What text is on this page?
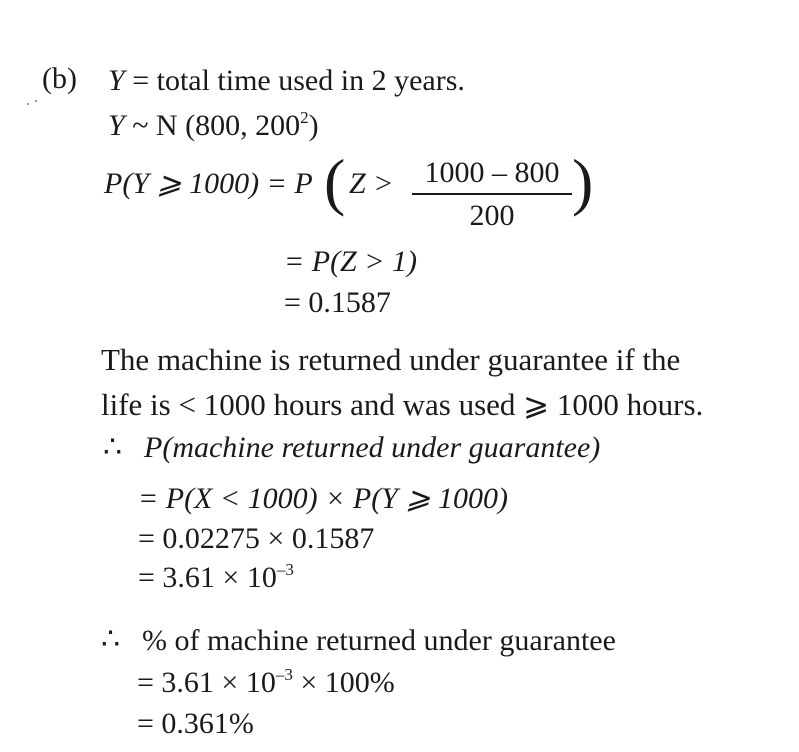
(b) Y = total time used in 2 years.
Y ~ N (800, $200^2$)
P(Y ⩾ 1000) = P ( Z >	1000 – 800
200 )
= P(Z > 1)
= 0.1587
The machine is returned under guarantee if the
life is < 1000 hours and was used ⩾ 1000 hours.
∴ P(machine returned under guarantee)
= P(X < 1000) × P(Y ⩾ 1000)
= 0.02275 × 0.1587
= $3.61 \times 10^{-3}$
∴ % of machine returned under guarantee
= $3.61 \times 10^{-3} \times 100\%$
= 0.361%
